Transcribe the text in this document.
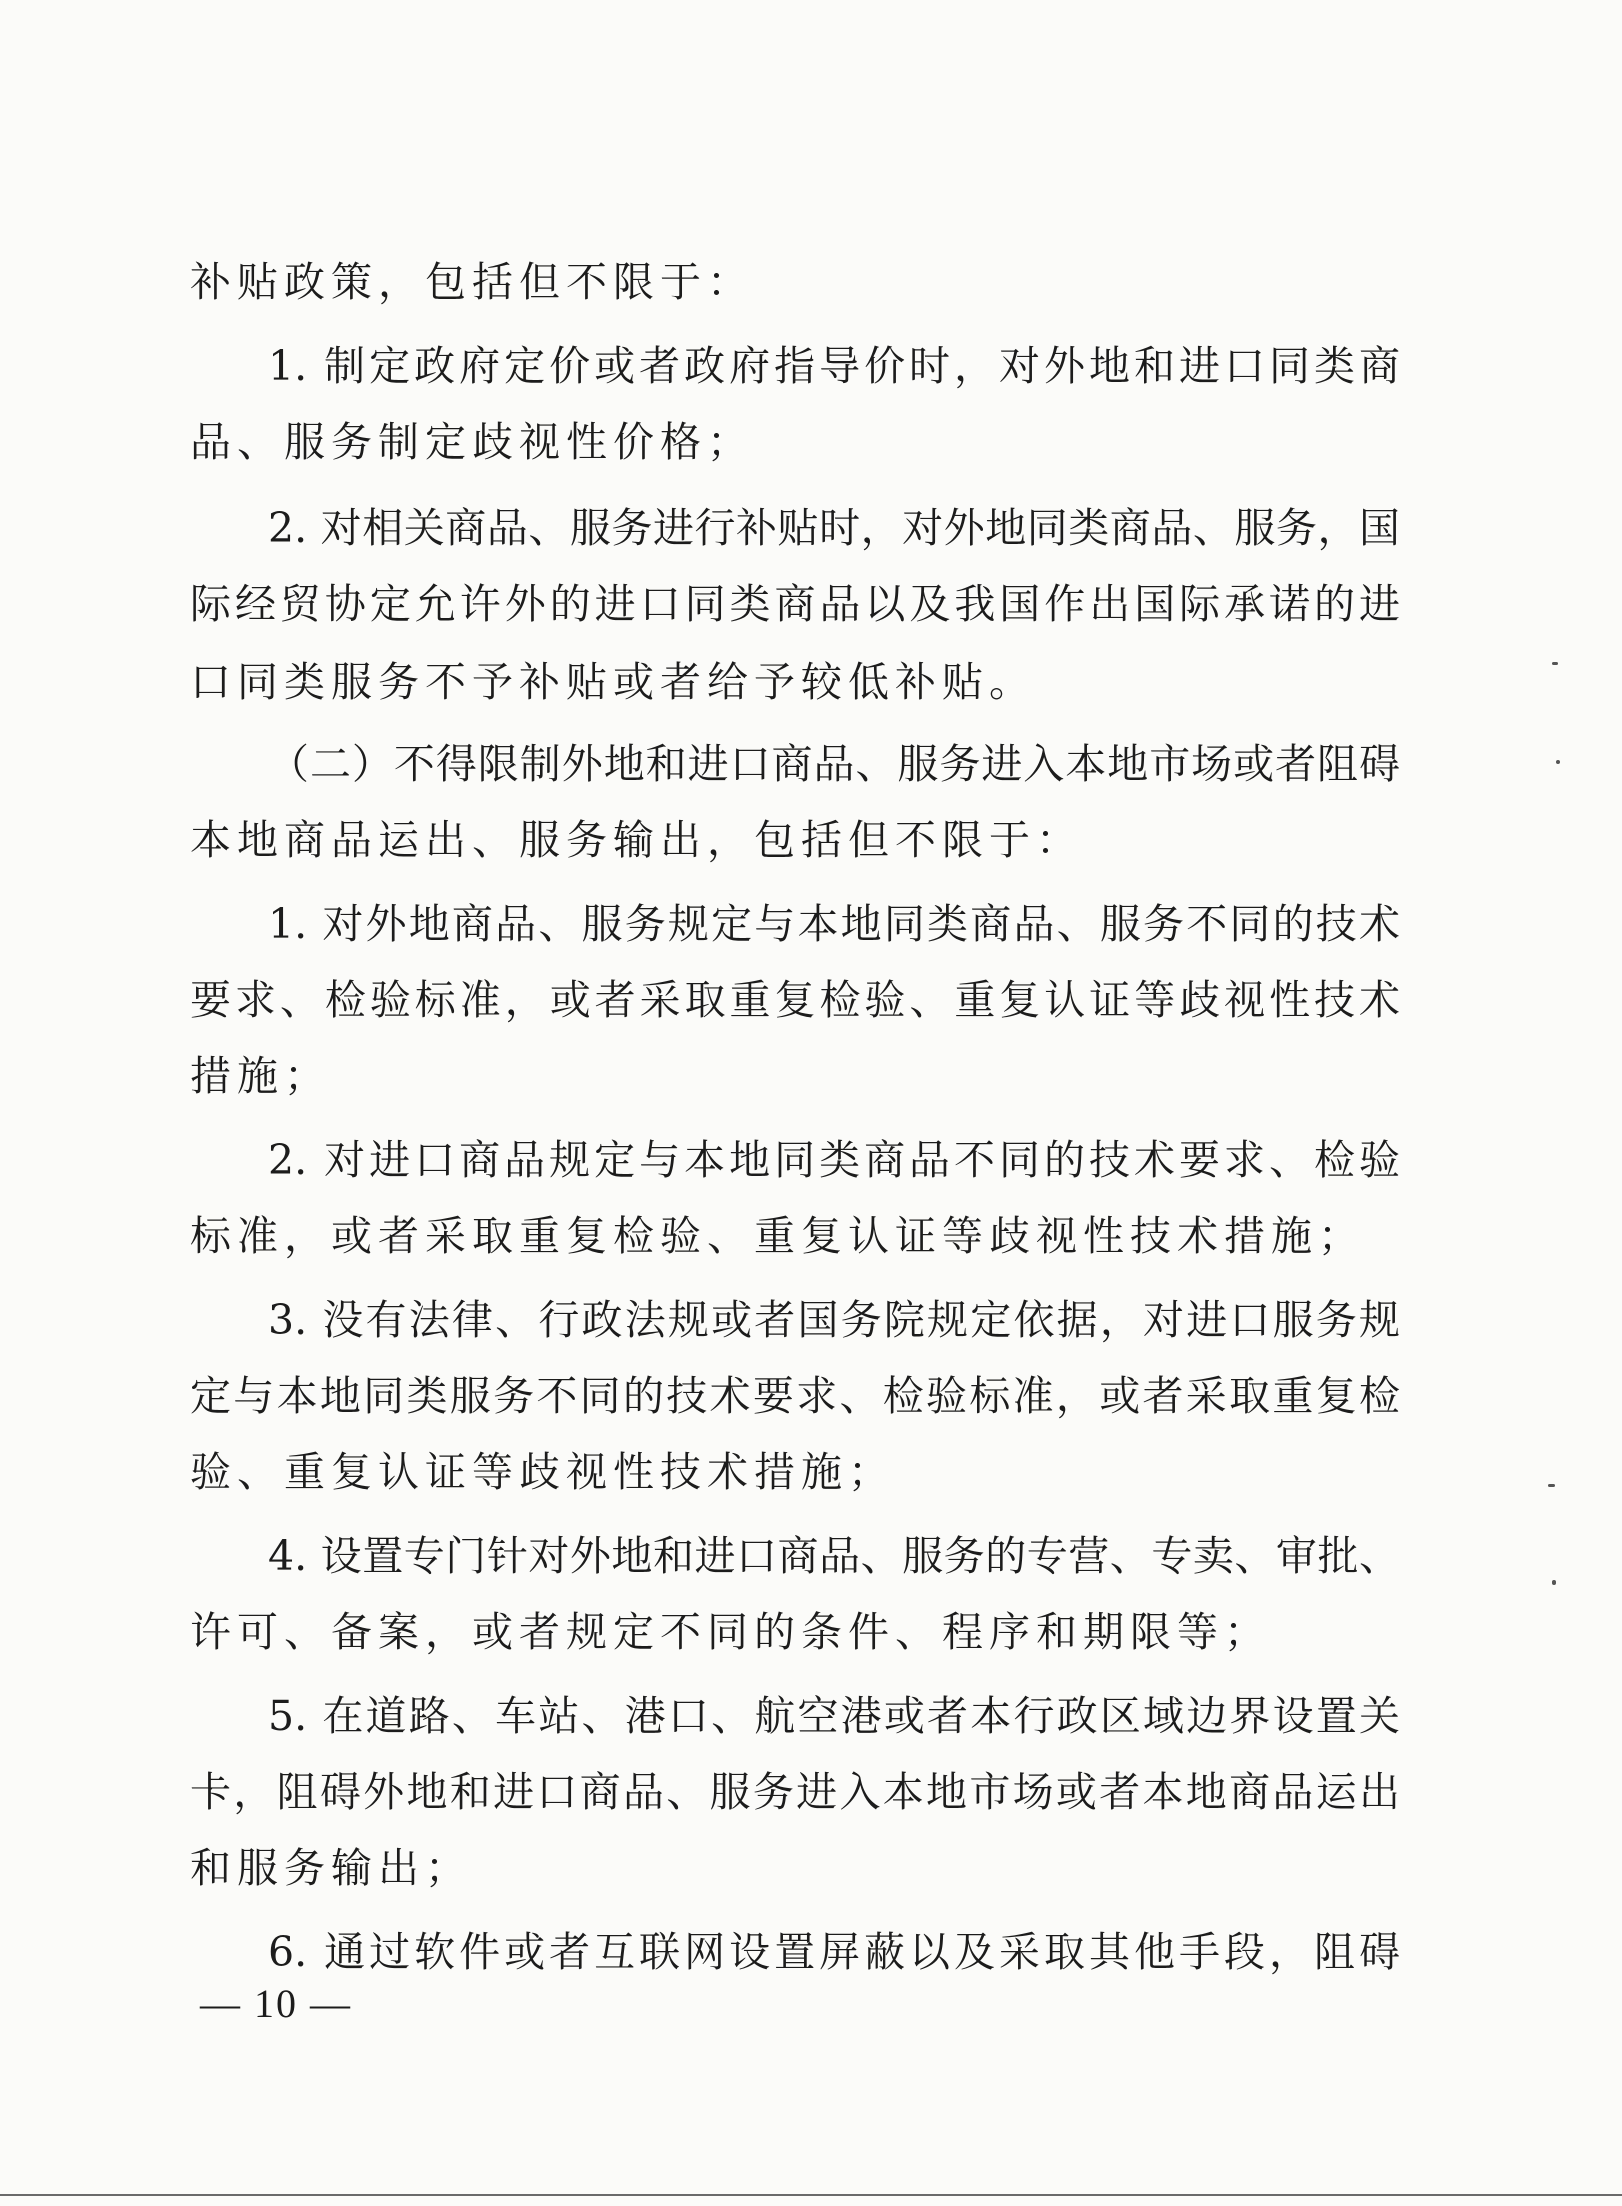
补贴政策，包括但不限于：
1. 制定政府定价或者政府指导价时，对外地和进口同类商
品、服务制定歧视性价格；
2. 对相关商品、服务进行补贴时，对外地同类商品、服务，国
际经贸协定允许外的进口同类商品以及我国作出国际承诺的进
口同类服务不予补贴或者给予较低补贴。
（二）不得限制外地和进口商品、服务进入本地市场或者阻碍
本地商品运出、服务输出，包括但不限于：
1. 对外地商品、服务规定与本地同类商品、服务不同的技术
要求、检验标准，或者采取重复检验、重复认证等歧视性技术
措施；
2. 对进口商品规定与本地同类商品不同的技术要求、检验
标准，或者采取重复检验、重复认证等歧视性技术措施；
3. 没有法律、行政法规或者国务院规定依据，对进口服务规
定与本地同类服务不同的技术要求、检验标准，或者采取重复检
验、重复认证等歧视性技术措施；
4. 设置专门针对外地和进口商品、服务的专营、专卖、审批、
许可、备案，或者规定不同的条件、程序和期限等；
5. 在道路、车站、港口、航空港或者本行政区域边界设置关
卡，阻碍外地和进口商品、服务进入本地市场或者本地商品运出
和服务输出；
6. 通过软件或者互联网设置屏蔽以及采取其他手段，阻碍
— 10 —
